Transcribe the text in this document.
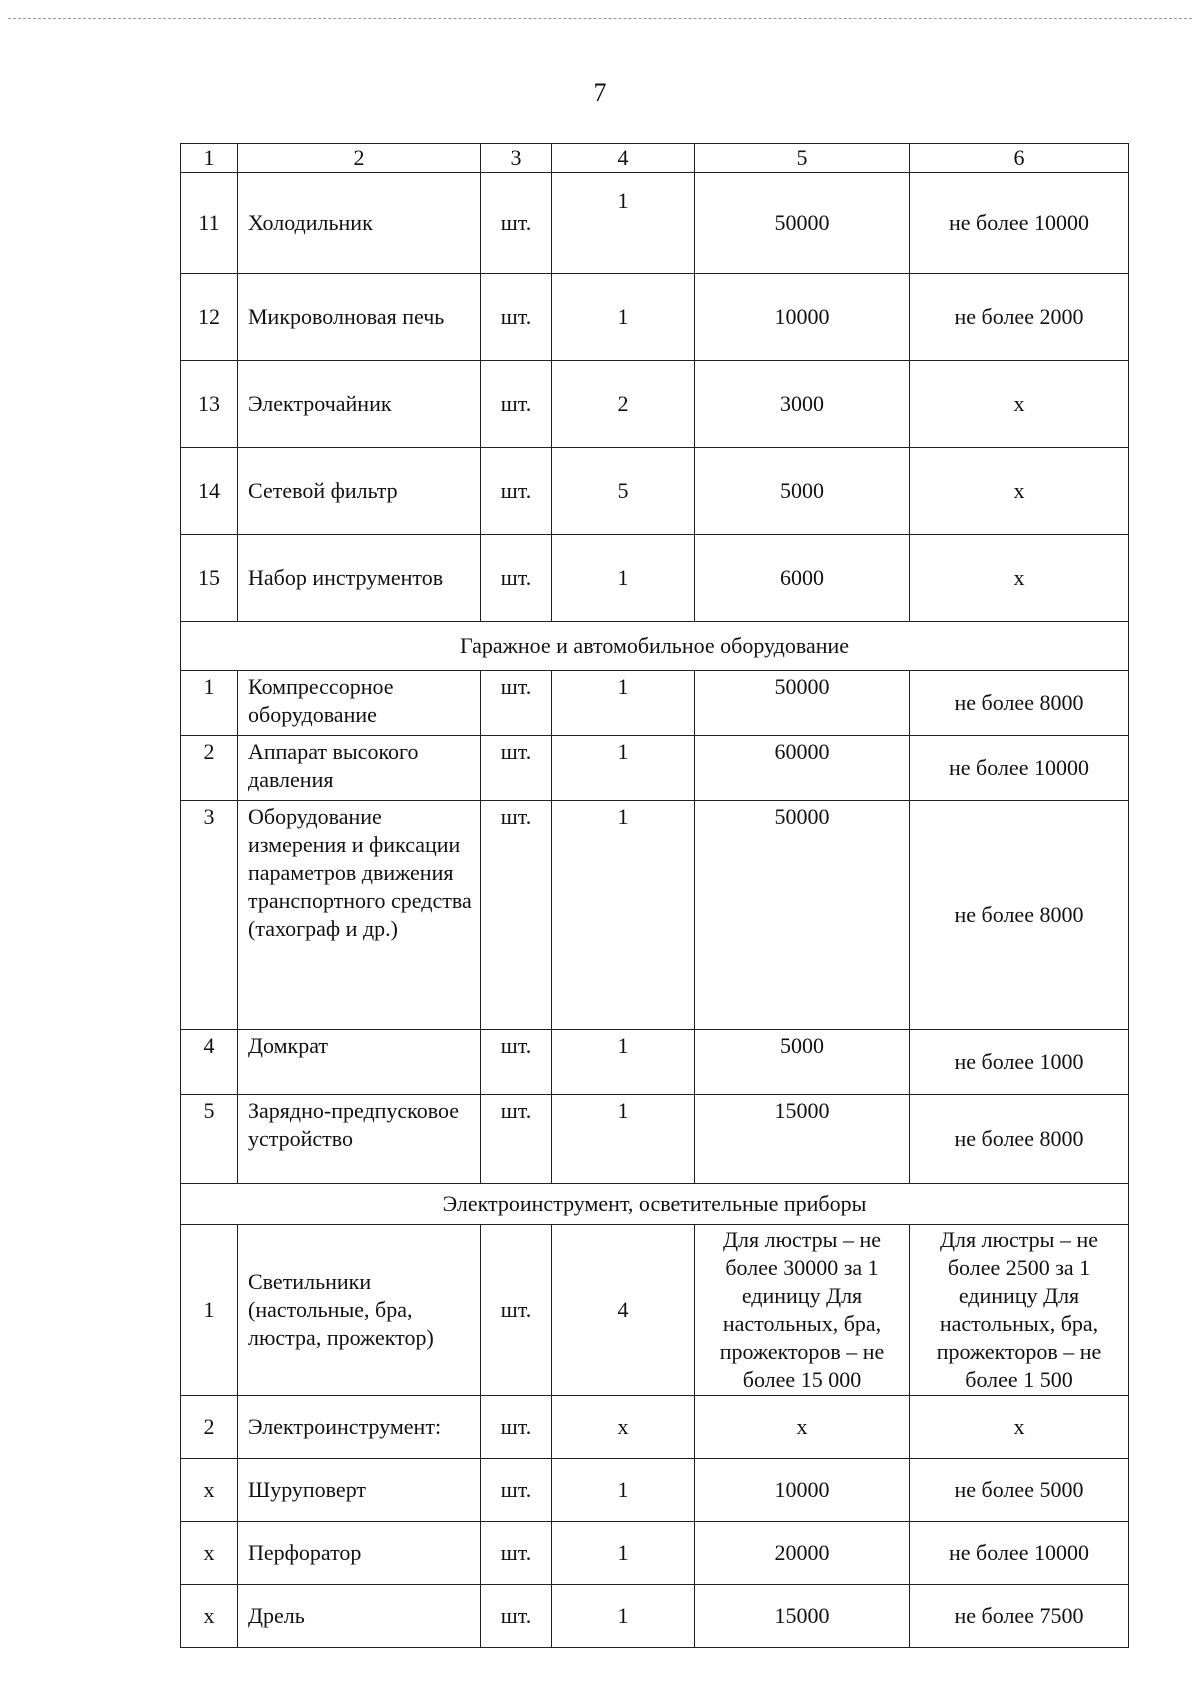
7
1	2	3	4	5	6
11	Холодильник	шт.	1	50000	не более 10000
12	Микроволновая печь	шт.	1	10000	не более 2000
13	Электрочайник	шт.	2	3000	х
14	Сетевой фильтр	шт.	5	5000	х
15	Набор инструментов	шт.	1	6000	х
Гаражное и автомобильное оборудование					
1	Компрессорное оборудование	шт.	1	50000	не более 8000
2	Аппарат высокого давления	шт.	1	60000	не более 10000
3	Оборудование измерения и фиксации параметров движения транспортного средства (тахограф и др.)	шт.	1	50000	не более 8000
4	Домкрат	шт.	1	5000	не более 1000
5	Зарядно-предпусковое устройство	шт.	1	15000	не более 8000
Электроинструмент, осветительные приборы					
1	Светильники (настольные, бра, люстра, прожектор)	шт.	4	Для люстры – не более 30000 за 1 единицу Для настольных, бра, прожекторов – не более 15 000	Для люстры – не более 2500 за 1 единицу Для настольных, бра, прожекторов – не более 1 500
2	Электроинструмент:	шт.	х	х	х
х	Шуруповерт	шт.	1	10000	не более 5000
х	Перфоратор	шт.	1	20000	не более 10000
х	Дрель	шт.	1	15000	не более 7500
